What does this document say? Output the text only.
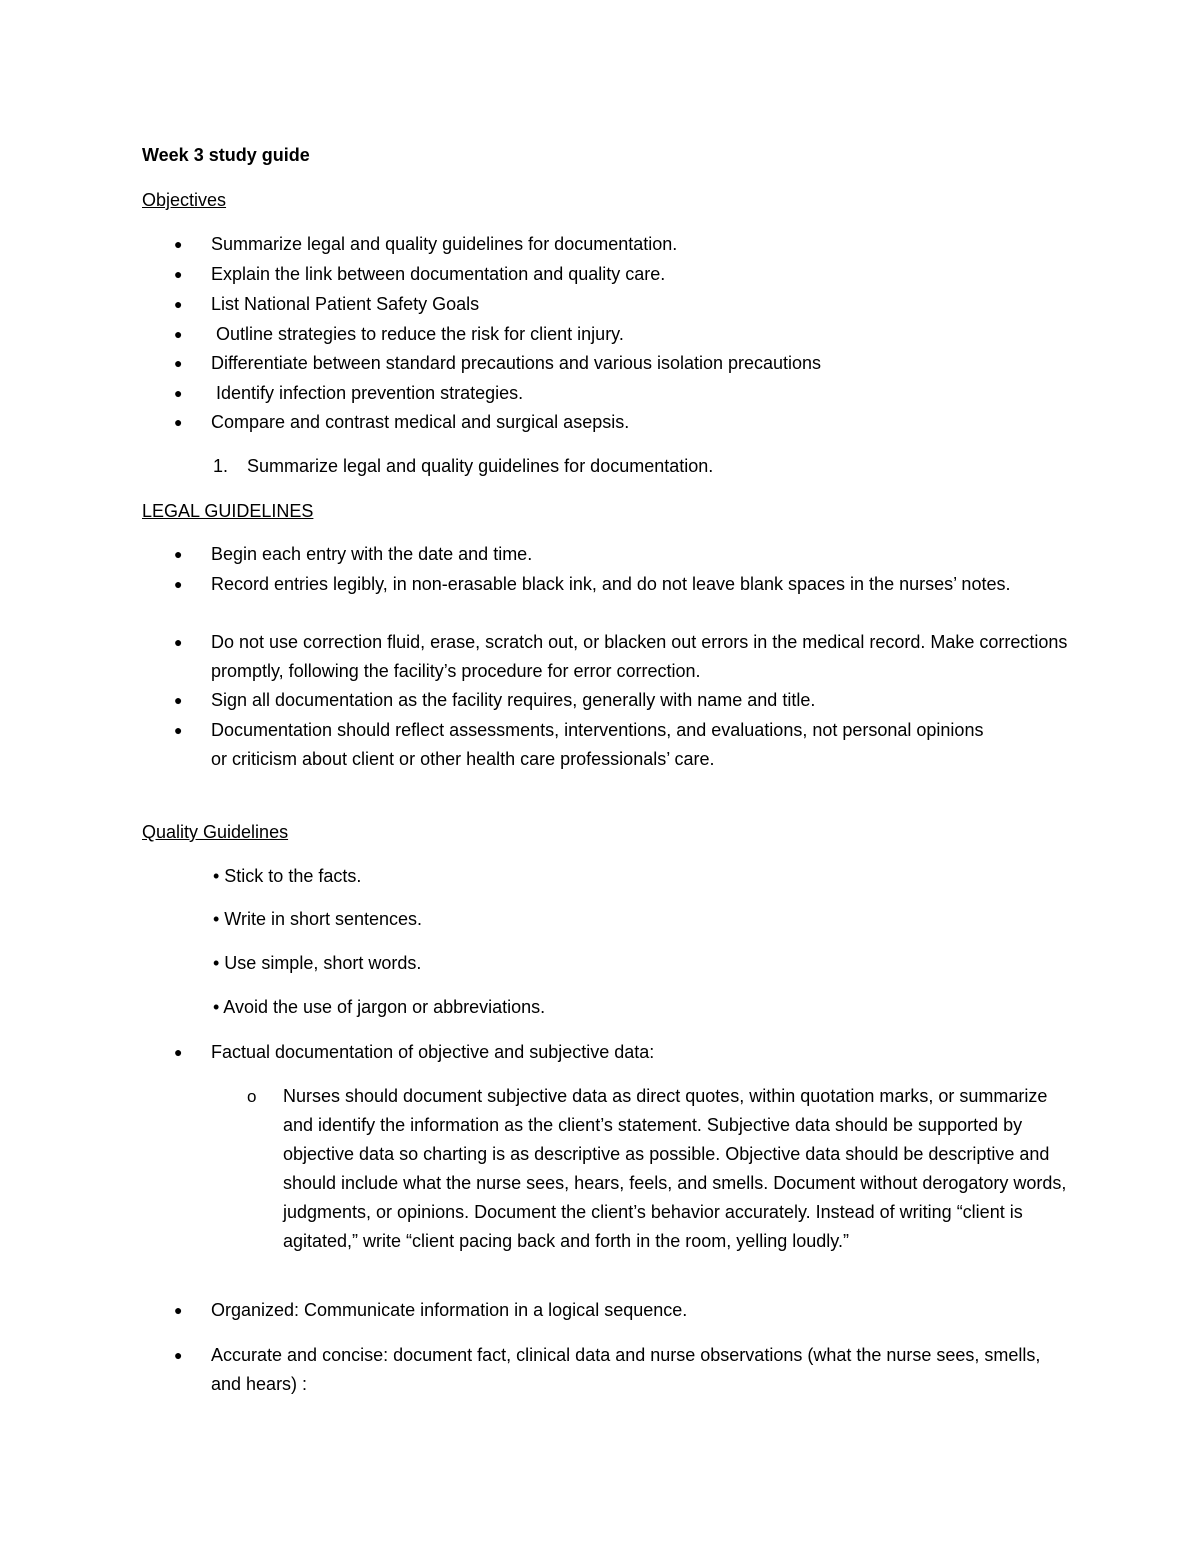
Week 3 study guide
Objectives
● Summarize legal and quality guidelines for documentation.
● Explain the link between documentation and quality care.
● List National Patient Safety Goals
● Outline strategies to reduce the risk for client injury.
● Differentiate between standard precautions and various isolation precautions
● Identify infection prevention strategies.
● Compare and contrast medical and surgical asepsis.
1. Summarize legal and quality guidelines for documentation.
LEGAL GUIDELINES
● Begin each entry with the date and time.
● Record entries legibly, in non-erasable black ink, and do not leave blank spaces in the nurses’ notes.
● Do not use correction fluid, erase, scratch out, or blacken out errors in the medical record. Make corrections promptly, following the facility’s procedure for error correction.
● Sign all documentation as the facility requires, generally with name and title.
● Documentation should reflect assessments, interventions, and evaluations, not personal opinions or criticism about client or other health care professionals’ care.
Quality Guidelines
• Stick to the facts.
• Write in short sentences.
• Use simple, short words.
• Avoid the use of jargon or abbreviations.
● Factual documentation of objective and subjective data:
o Nurses should document subjective data as direct quotes, within quotation marks, or summarize and identify the information as the client’s statement. Subjective data should be supported by objective data so charting is as descriptive as possible. Objective data should be descriptive and should include what the nurse sees, hears, feels, and smells. Document without derogatory words, judgments, or opinions. Document the client’s behavior accurately. Instead of writing “client is agitated,” write “client pacing back and forth in the room, yelling loudly.”
● Organized: Communicate information in a logical sequence.
● Accurate and concise: document fact, clinical data and nurse observations (what the nurse sees, smells, and hears) :
